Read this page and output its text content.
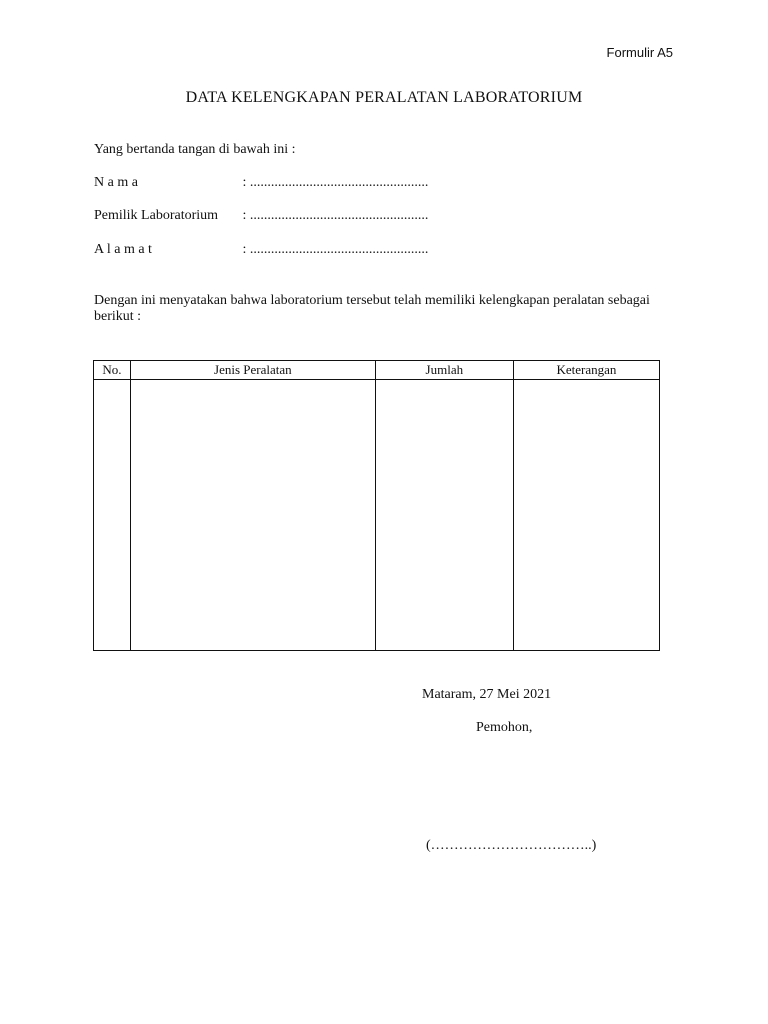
Formulir A5
DATA KELENGKAPAN PERALATAN LABORATORIUM
Yang bertanda tangan di bawah ini :
N a m a	: ...................................................
Pemilik Laboratorium : ...................................................
A l a m a t	: ...................................................
Dengan ini menyatakan bahwa laboratorium tersebut telah memiliki kelengkapan peralatan sebagai berikut :
No.	Jenis Peralatan	Jumlah	Keterangan

Mataram, 27 Mei 2021
Pemohon,
(……………………………..)
